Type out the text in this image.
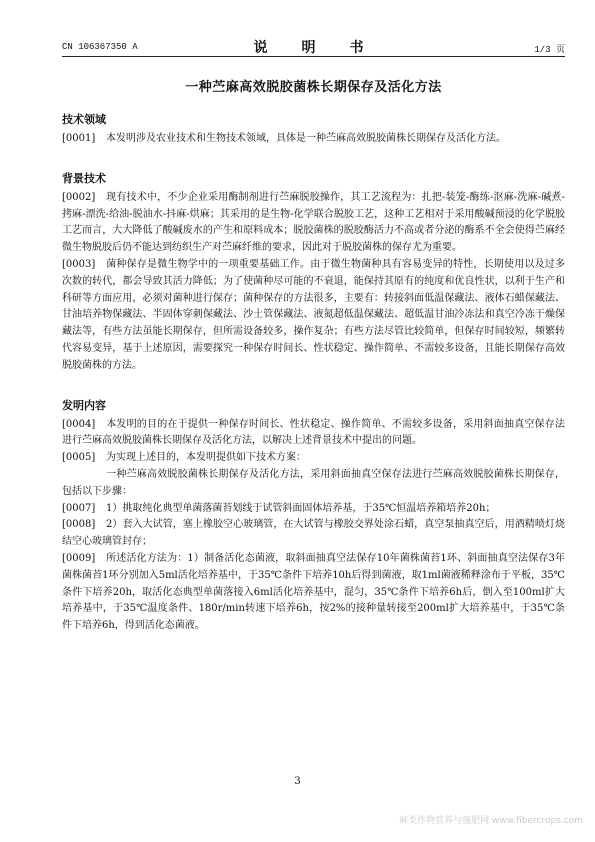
CN 106367350 A	说　明　书	1/3 页
一种苎麻高效脱胶菌株长期保存及活化方法
技术领域

[0001] 本发明涉及农业技术和生物技术领域，具体是一种苎麻高效脱胶菌株长期保存及活化方法。

背景技术

[0002] 现有技术中，不少企业采用酶制剂进行苎麻脱胶操作，其工艺流程为：扎把-装笼-酶练-沤麻-洗麻-碱煮-拷麻-漂洗-给油-脱油水-抖麻-烘麻；其采用的是生物-化学联合脱胶工艺，这种工艺相对于采用酸碱预浸的化学脱胶工艺而言，大大降低了酸碱废水的产生和原料成本；脱胶菌株的脱胶酶活力不高或者分泌的酶系不全会使得苎麻经微生物脱胶后仍不能达到纺织生产对苎麻纤维的要求，因此对于脱胶菌株的保存尤为重要。

[0003] 菌种保存是微生物学中的一项重要基础工作。由于微生物菌种具有容易变异的特性，长期使用以及过多次数的转代，都会导致其活力降低；为了使菌种尽可能的不衰退，能保持其原有的纯度和优良性状，以利于生产和科研等方面应用，必须对菌种进行保存；菌种保存的方法很多，主要有：转接斜面低温保藏法、液体石蜡保藏法、甘油培养物保藏法、半固体穿刺保藏法、沙土管保藏法、液氮超低温保藏法、超低温甘油冷冻法和真空冷冻干燥保藏法等，有些方法虽能长期保存，但所需设备较多，操作复杂；有些方法尽管比较简单，但保存时间较短，频繁转代容易变异，基于上述原因，需要探究一种保存时间长、性状稳定、操作简单、不需较多设备，且能长期保存高效脱胶菌株的方法。

发明内容

[0004] 本发明的目的在于提供一种保存时间长、性状稳定、操作简单、不需较多设备，采用斜面抽真空保存法进行苎麻高效脱胶菌株长期保存及活化方法，以解决上述背景技术中提出的问题。

[0005] 为实现上述目的，本发明提供如下技术方案：

一种苎麻高效脱胶菌株长期保存及活化方法，采用斜面抽真空保存法进行苎麻高效脱胶菌株长期保存，包括以下步骤：

[0007] 1）挑取纯化典型单菌落菌苔划线于试管斜面固体培养基，于35℃恒温培养箱培养20h；

[0008] 2）套入大试管，塞上橡胶空心玻璃管，在大试管与橡胶交界处涂石蜡，真空泵抽真空后，用酒精喷灯烧结空心玻璃管封存；

[0009] 所述活化方法为：1）制备活化态菌液，取斜面抽真空法保存10年菌株菌苔1环、斜面抽真空法保存3年菌株菌苔1环分别加入5ml活化培养基中，于35℃条件下培养10h后得到菌液，取1ml菌液稀释涂布于平板，35℃条件下培养20h，取活化态典型单菌落接入6ml活化培养基中，混匀，35℃条件下培养6h后，倒入至100ml扩大培养基中，于35℃温度条件、180r/min转速下培养6h，按2%的接种量转接至200ml扩大培养基中，于35℃条件下培养6h，得到活化态菌液。

3
麻类作物营养与施肥网 www.fibercrops.com
